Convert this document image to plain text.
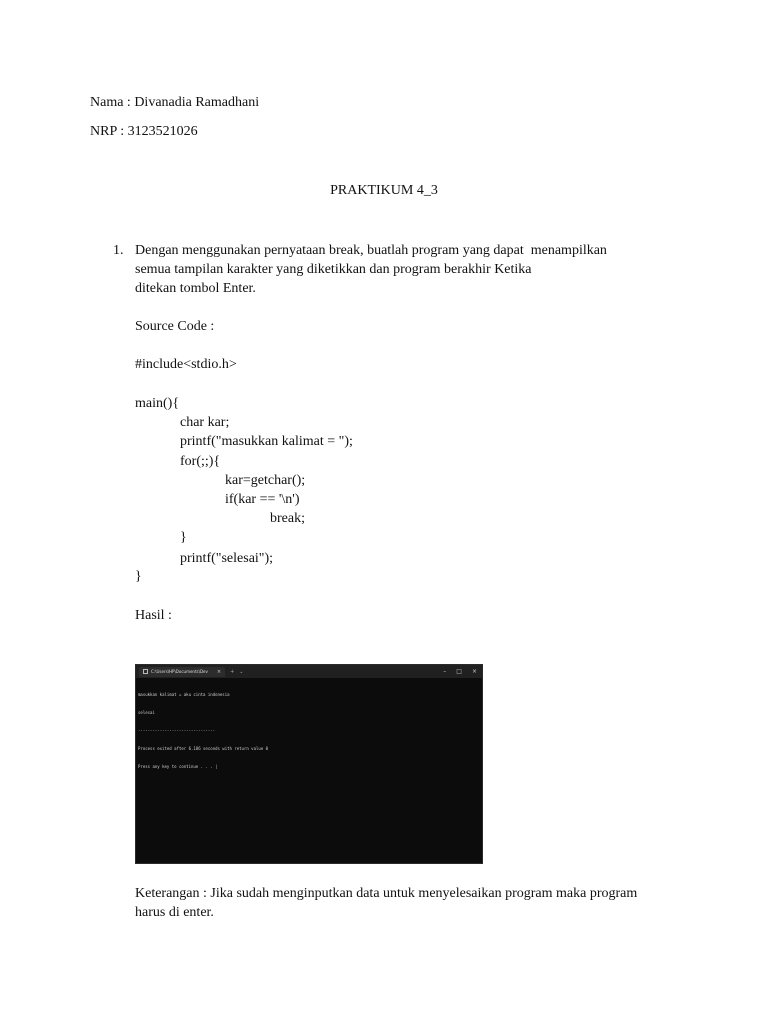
Nama : Divanadia Ramadhani
NRP : 3123521026
PRAKTIKUM 4_3
1. Dengan menggunakan pernyataan break, buatlah program yang dapat  menampilkan
semua tampilan karakter yang diketikkan dan program berakhir Ketika
ditekan tombol Enter.
Source Code :
#include<stdio.h>
main(){
char kar;
printf("masukkan kalimat = ");
for(;;){
kar=getchar();
if(kar == '\n')
break;
}
printf("selesai");
}
Hasil :
C:\Users\HP\Documents\Dev × + ⌄	– □ ×

masukkan kalimat = aku cinta indonesia

selesai

--------------------------------

Process exited after 6.186 seconds with return value 0

Press any key to continue . . . |

Keterangan : Jika sudah menginputkan data untuk menyelesaikan program maka program
harus di enter.
